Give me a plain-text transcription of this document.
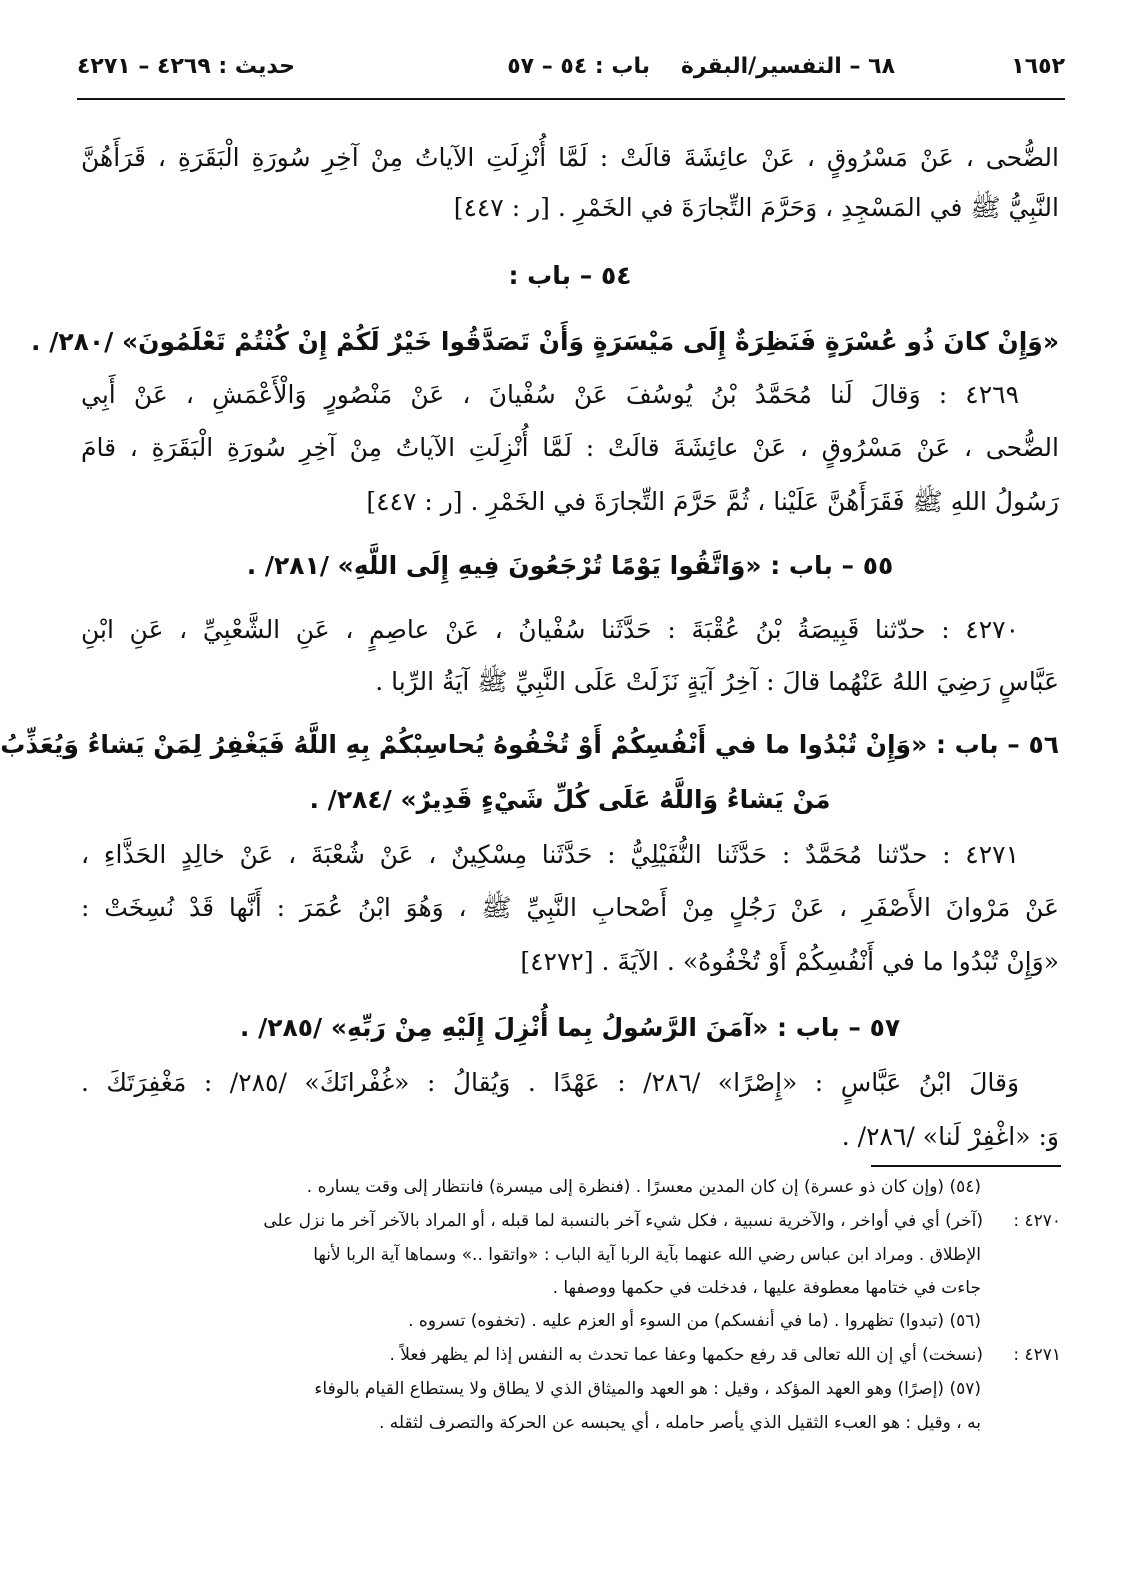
١٦٥٢
٦٨ – التفسير/البقرة
باب : ٥٤ – ٥٧
حديث : ٤٢٦٩ – ٤٢٧١
الضُّحى ، عَنْ مَسْرُوقٍ ، عَنْ عائِشَةَ قالَتْ : لَمَّا أُنْزِلَتِ الآياتُ مِنْ آخِرِ سُورَةِ الْبَقَرَةِ ، قَرَأَهُنَّ
النَّبِيُّ ﷺ في المَسْجِدِ ، وَحَرَّمَ التِّجارَةَ في الخَمْرِ . [ر : ٤٤٧]
٥٤ – باب :
«وَإِنْ كانَ ذُو عُسْرَةٍ فَنَظِرَةٌ إِلَى مَيْسَرَةٍ وَأَنْ تَصَدَّقُوا خَيْرٌ لَكُمْ إِنْ كُنْتُمْ تَعْلَمُونَ» /٢٨٠/ .
٤٢٦٩ : وَقالَ لَنا مُحَمَّدُ بْنُ يُوسُفَ عَنْ سُفْيانَ ، عَنْ مَنْصُورٍ وَالْأَعْمَشِ ، عَنْ أَبِي
الضُّحى ، عَنْ مَسْرُوقٍ ، عَنْ عائِشَةَ قالَتْ : لَمَّا أُنْزِلَتِ الآياتُ مِنْ آخِرِ سُورَةِ الْبَقَرَةِ ، قامَ
رَسُولُ اللهِ ﷺ فَقَرَأَهُنَّ عَلَيْنا ، ثُمَّ حَرَّمَ التِّجارَةَ في الخَمْرِ . [ر : ٤٤٧]
٥٥ – باب : «وَاتَّقُوا يَوْمًا تُرْجَعُونَ فِيهِ إِلَى اللَّهِ» /٢٨١/ .
٤٢٧٠ : حدّثنا قَبِيصَةُ بْنُ عُقْبَةَ : حَدَّثَنا سُفْيانُ ، عَنْ عاصِمٍ ، عَنِ الشَّعْبِيِّ ، عَنِ ابْنِ
عَبَّاسٍ رَضِيَ اللهُ عَنْهُما قالَ : آخِرُ آيَةٍ نَزَلَتْ عَلَى النَّبِيِّ ﷺ آيَةُ الرِّبا .
٥٦ – باب : «وَإِنْ تُبْدُوا ما في أَنْفُسِكُمْ أَوْ تُخْفُوهُ يُحاسِبْكُمْ بِهِ اللَّهُ فَيَغْفِرُ لِمَنْ يَشاءُ وَيُعَذِّبُ
مَنْ يَشاءُ وَاللَّهُ عَلَى كُلِّ شَيْءٍ قَدِيرٌ» /٢٨٤/ .
٤٢٧١ : حدّثنا مُحَمَّدٌ : حَدَّثَنا النُّفَيْلِيُّ : حَدَّثَنا مِسْكِينٌ ، عَنْ شُعْبَةَ ، عَنْ خالِدٍ الحَذَّاءِ ،
عَنْ مَرْوانَ الأَصْفَرِ ، عَنْ رَجُلٍ مِنْ أَصْحابِ النَّبِيِّ ﷺ ، وَهُوَ ابْنُ عُمَرَ : أَنَّها قَدْ نُسِخَتْ :
«وَإِنْ تُبْدُوا ما في أَنْفُسِكُمْ أَوْ تُخْفُوهُ» . الآيَةَ . [٤٢٧٢]
٥٧ – باب : «آمَنَ الرَّسُولُ بِما أُنْزِلَ إِلَيْهِ مِنْ رَبِّهِ» /٢٨٥/ .
وَقالَ ابْنُ عَبَّاسٍ : «إِصْرًا» /٢٨٦/ : عَهْدًا . وَيُقالُ : «غُفْرانَكَ» /٢٨٥/ : مَغْفِرَتَكَ .
وَ: «اغْفِرْ لَنا» /٢٨٦/ .
(٥٤) (وإن كان ذو عسرة) إن كان المدين معسرًا . (فنظرة إلى ميسرة) فانتظار إلى وقت يساره .
٤٢٧٠ :(آخر) أي في أواخر ، والآخرية نسبية ، فكل شيء آخر بالنسبة لما قبله ، أو المراد بالآخر آخر ما نزل على
الإطلاق . ومراد ابن عباس رضي الله عنهما بآية الربا آية الباب : «واتقوا ..» وسماها آية الربا لأنها
جاءت في ختامها معطوفة عليها ، فدخلت في حكمها ووصفها .
(٥٦) (تبدوا) تظهروا . (ما في أنفسكم) من السوء أو العزم عليه . (تخفوه) تسروه .
٤٢٧١ :(نسخت) أي إن الله تعالى قد رفع حكمها وعفا عما تحدث به النفس إذا لم يظهر فعلاً .
(٥٧) (إصرًا) وهو العهد المؤكد ، وقيل : هو العهد والميثاق الذي لا يطاق ولا يستطاع القيام بالوفاء
به ، وقيل : هو العبء الثقيل الذي يأصر حامله ، أي يحبسه عن الحركة والتصرف لثقله .
